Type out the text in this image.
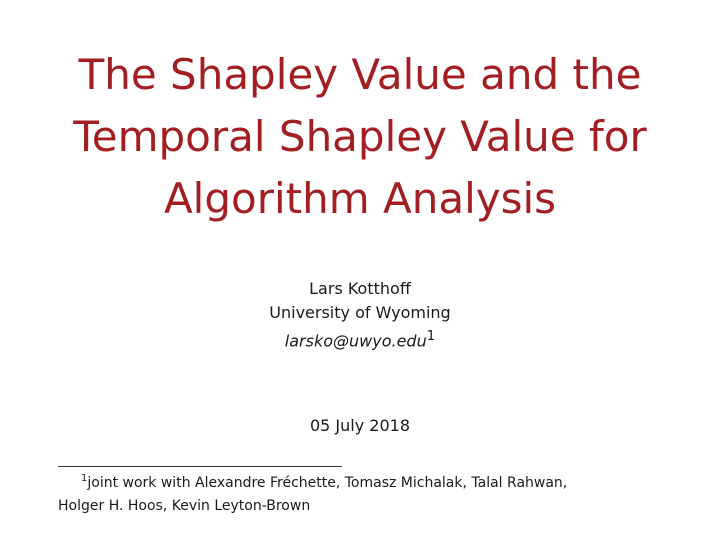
The Shapley Value and the
Temporal Shapley Value for
Algorithm Analysis
Lars Kotthoff
University of Wyoming
larsko@uwyo.edu$^1$
05 July 2018
$^1$joint work with Alexandre Fréchette, Tomasz Michalak, Talal Rahwan,
Holger H. Hoos, Kevin Leyton-Brown
